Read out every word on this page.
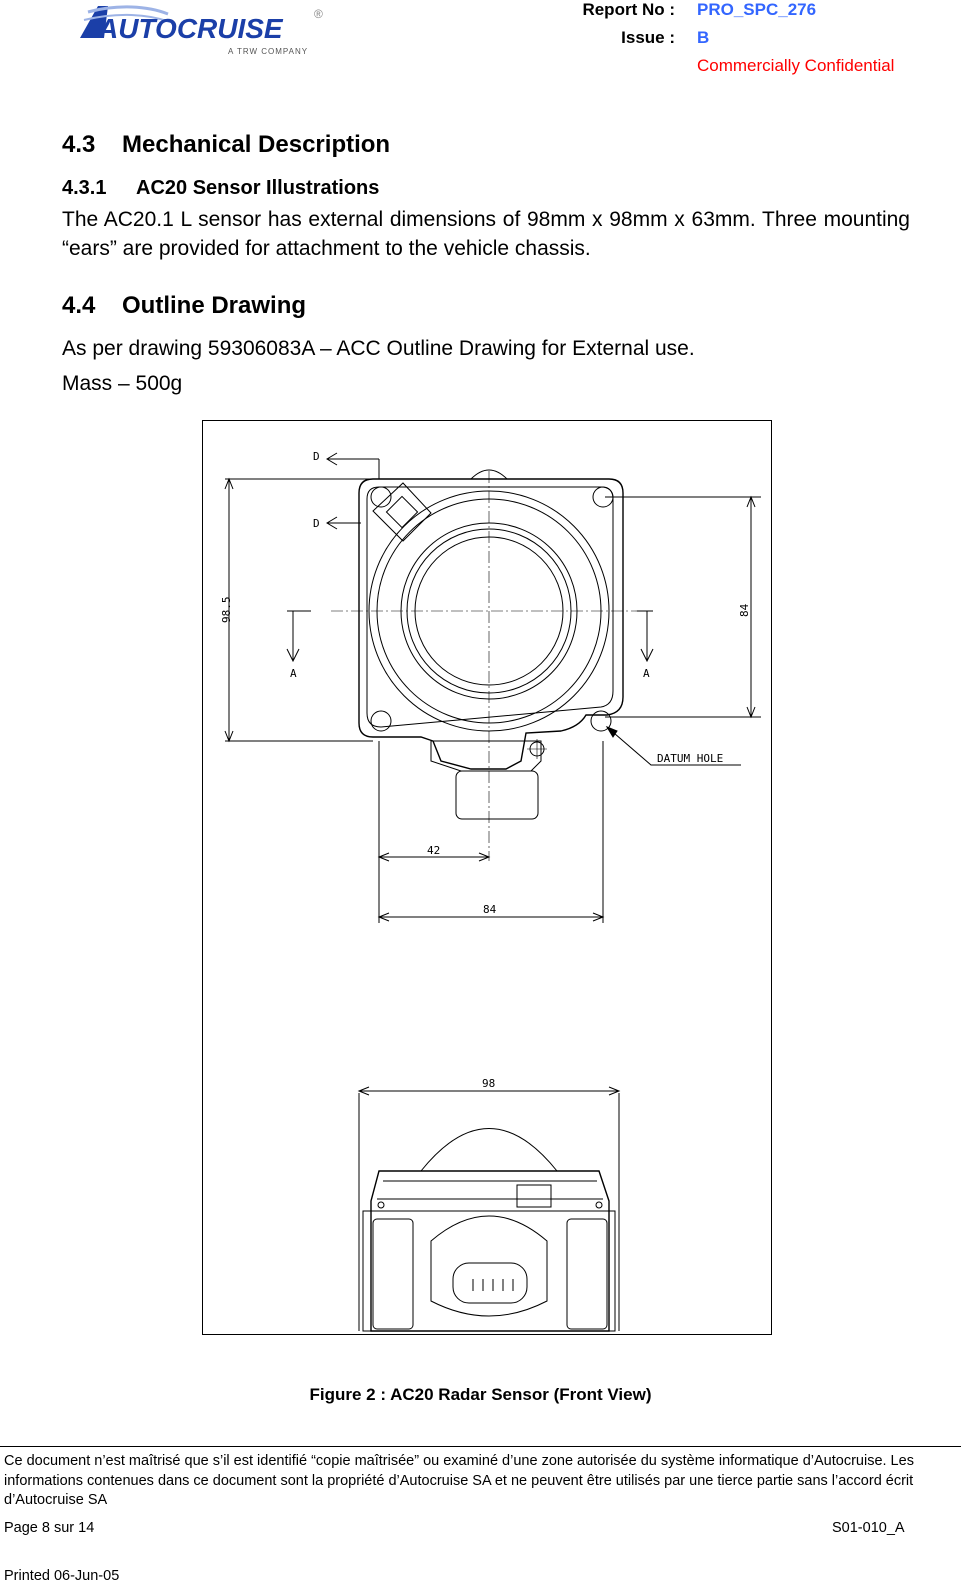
AUTOCRUISE	®
A TRW COMPANY
Report No : PRO_SPC_276
Issue : B
Commercially Confidential
4.3 Mechanical Description
4.3.1 AC20 Sensor Illustrations

The AC20.1 L sensor has external dimensions of 98mm x 98mm x 63mm. Three mounting “ears” are provided for attachment to the vehicle chassis.

4.4 Outline Drawing

As per drawing 59306083A – ACC Outline Drawing for External use.

Mass – 500g

D
D
A	A
98.5	84
42
84
98
DATUM HOLE
Figure 2 : AC20 Radar Sensor (Front View)
Ce document n’est maîtrisé que s’il est identifié “copie maîtrisée” ou examiné d’une zone autorisée du système informatique d’Autocruise. Les informations contenues dans ce document sont la propriété d’Autocruise SA et ne peuvent être utilisés par une tierce partie sans l’accord écrit d’Autocruise SA
Page 8 sur 14	S01-010_A
Printed 06-Jun-05
